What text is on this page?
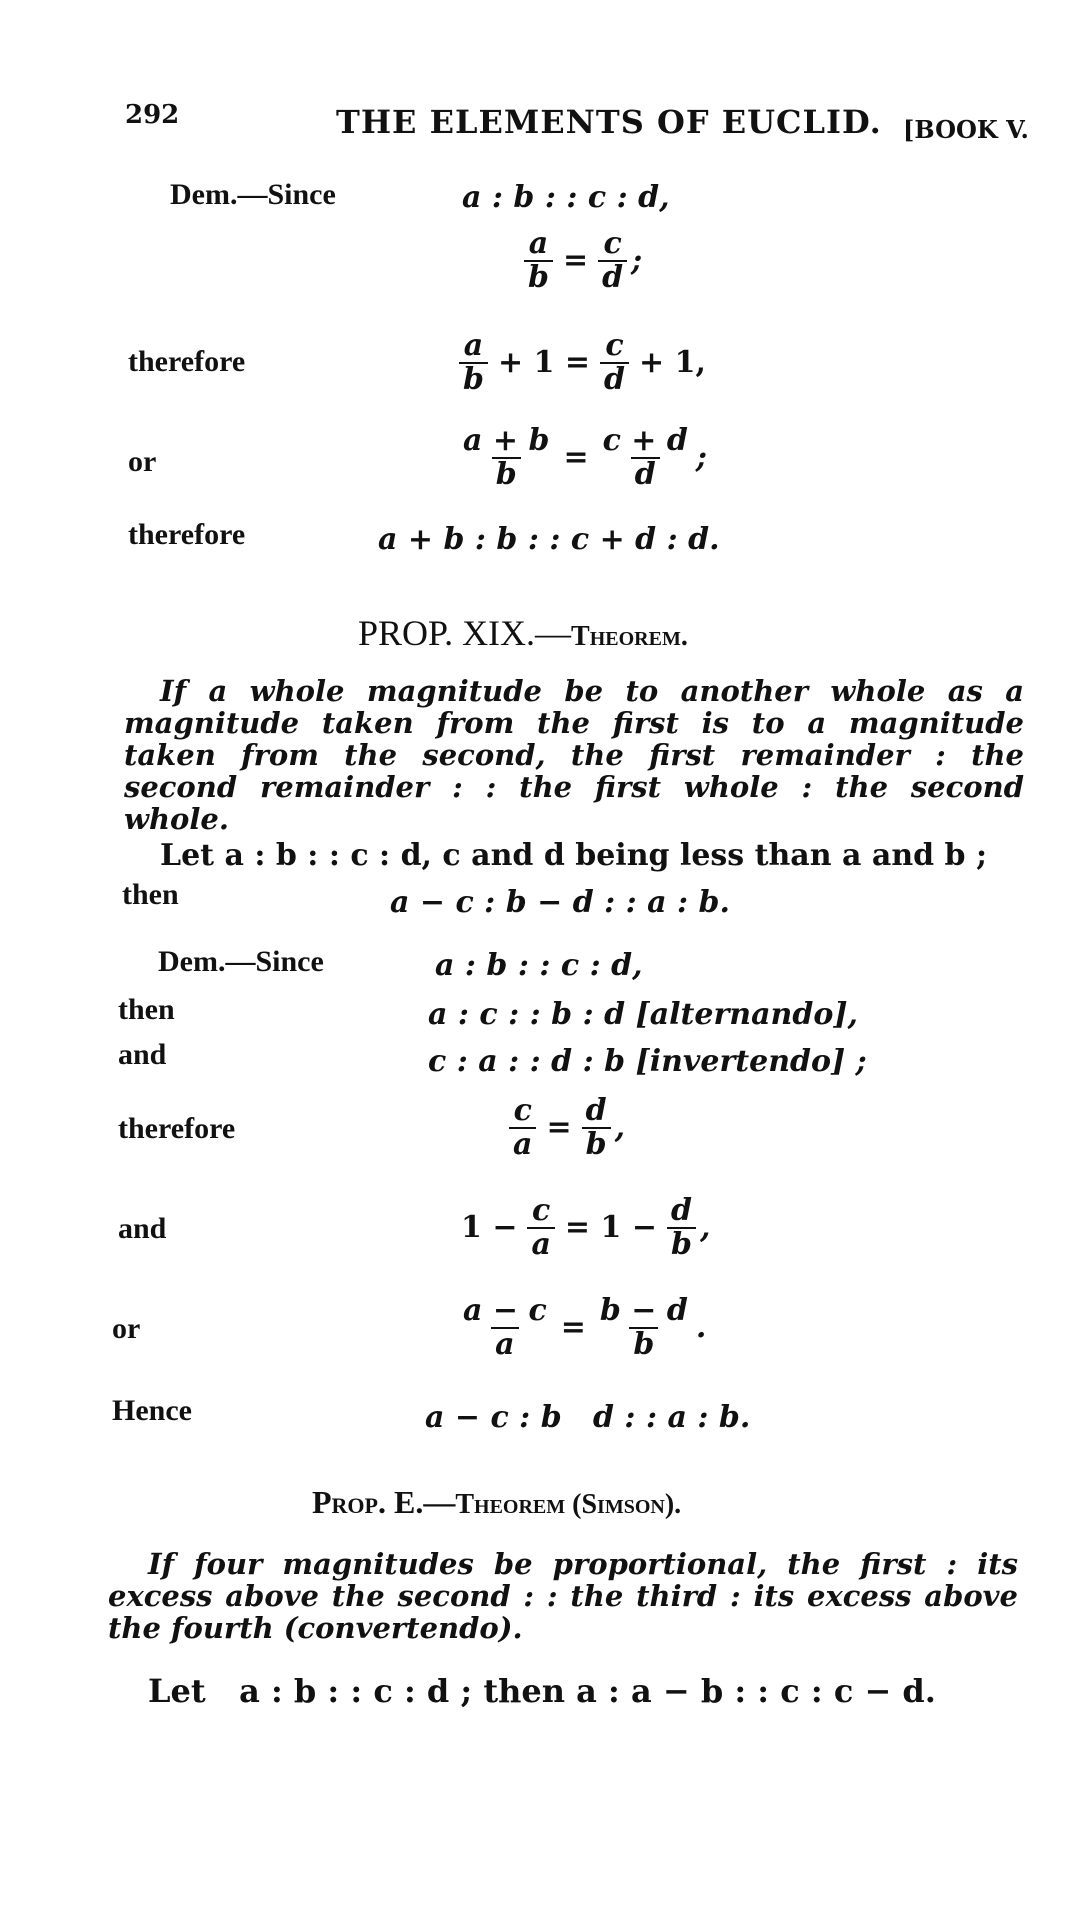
292	THE ELEMENTS OF EUCLID. [BOOK V.
Dem.—Since	a : b : : c : d,
$\frac{a}{b} = \frac{c}{d}$ ;
therefore	$\frac{a}{b} + 1 = \frac{c}{d} + 1$,
or	$\frac{a + b}{b} = \frac{c + d}{d}$ ;
therefore	a + b : b : : c + d : d.
PROP. XIX.—Theorem.
If a whole magnitude be to another whole as a magnitude taken from the first is to a magnitude taken from the second, the first remainder : the second remainder : : the first whole : the second whole.
Let a : b : : c : d, c and d being less than a and b ;
then	a − c : b − d : : a : b.
Dem.—Since	a : b : : c : d,
then	a : c : : b : d [alternando],
and	c : a : : d : b [invertendo] ;
therefore	$\frac{c}{a} = \frac{d}{b}$ ,
and	$1 - \frac{c}{a} = 1 - \frac{d}{b}$ ,
or	$\frac{a - c}{a} = \frac{b - d}{b}$ .
Hence	a − c : b   d : : a : b.
Prop. E.—Theorem (Simson).
If four magnitudes be proportional, the first : its excess above the second : : the third : its excess above the fourth (convertendo).
Let   a : b : : c : d ; then a : a − b : : c : c − d.
